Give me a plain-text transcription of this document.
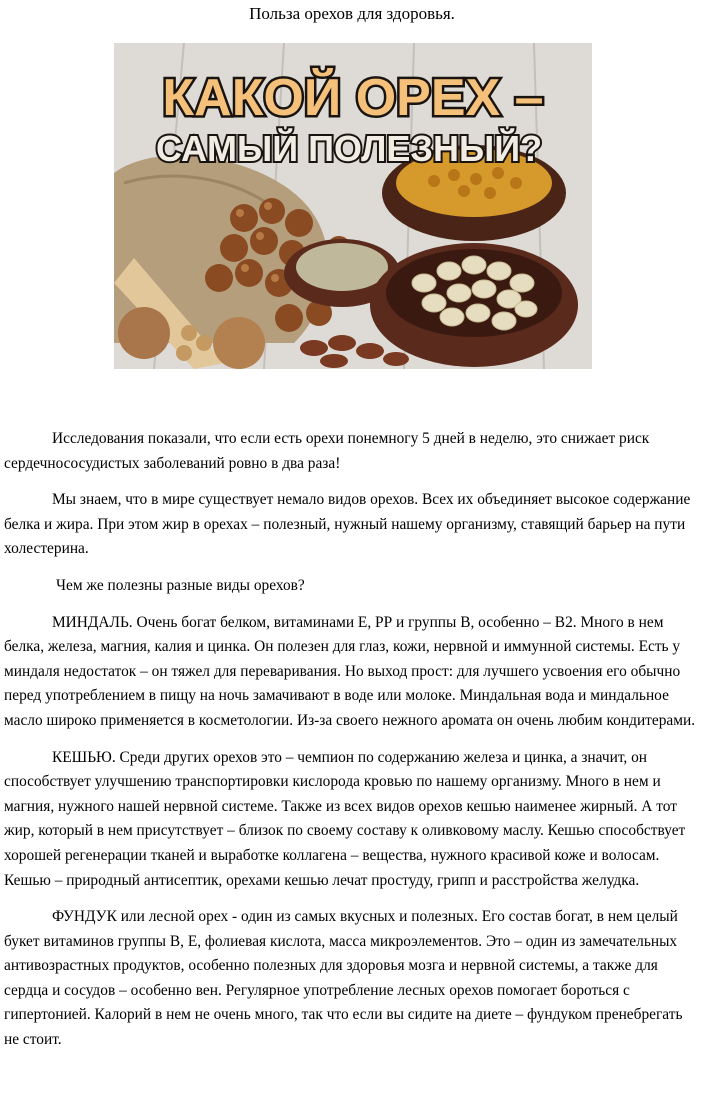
Польза орехов для здоровья.
КАКОЙ ОРЕХ –
САМЫЙ ПОЛЕЗНЫЙ?

Исследования показали, что если есть орехи понемногу 5 дней в неделю, это снижает риск сердечнососудистых заболеваний ровно в два раза!

Мы знаем, что в мире существует немало видов орехов. Всех их объединяет высокое содержание белка и жира. При этом жир в орехах – полезный, нужный нашему организму, ставящий барьер на пути холестерина.

Чем же полезны разные виды орехов?

МИНДАЛЬ. Очень богат белком, витаминами Е, РР и группы В, особенно – В2. Много в нем белка, железа, магния, калия и цинка. Он полезен для глаз, кожи, нервной и иммунной системы. Есть у миндаля недостаток – он тяжел для переваривания. Но выход прост: для лучшего усвоения его обычно перед употреблением в пищу на ночь замачивают в воде или молоке. Миндальная вода и миндальное масло широко применяется в косметологии. Из-за своего нежного аромата он очень любим кондитерами.

КЕШЬЮ. Среди других орехов это – чемпион по содержанию железа и цинка, а значит, он способствует улучшению транспортировки кислорода кровью по нашему организму. Много в нем и магния, нужного нашей нервной системе. Также из всех видов орехов кешью наименее жирный. А тот жир, который в нем присутствует – близок по своему составу к оливковому маслу. Кешью способствует хорошей регенерации тканей и выработке коллагена – вещества, нужного красивой коже и волосам. Кешью – природный антисептик, орехами кешью лечат простуду, грипп и расстройства желудка.

ФУНДУК или лесной орех - один из самых вкусных и полезных. Его состав богат, в нем целый букет витаминов группы В, Е, фолиевая кислота, масса микроэлементов. Это – один из замечательных антивозрастных продуктов, особенно полезных для здоровья мозга и нервной системы, а также для сердца и сосудов – особенно вен. Регулярное употребление лесных орехов помогает бороться с гипертонией. Калорий в нем не очень много, так что если вы сидите на диете – фундуком пренебрегать не стоит.
